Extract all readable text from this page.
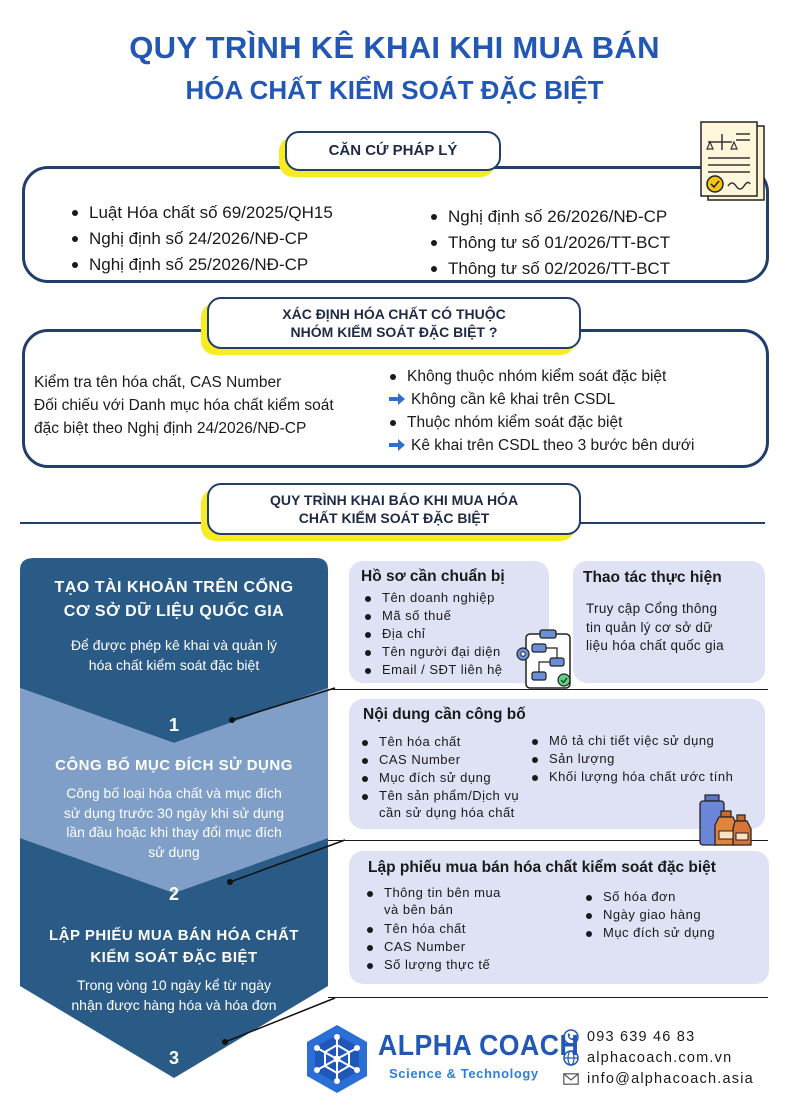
QUY TRÌNH KÊ KHAI KHI MUA BÁN
HÓA CHẤT KIỂM SOÁT ĐẶC BIỆT
CĂN CỨ PHÁP LÝ
Luật Hóa chất số 69/2025/QH15
Nghị định số 24/2026/NĐ-CP
Nghị định số 25/2026/NĐ-CP
Nghị định số 26/2026/NĐ-CP
Thông tư số 01/2026/TT-BCT
Thông tư số 02/2026/TT-BCT
XÁC ĐỊNH HÓA CHẤT CÓ THUỘC
NHÓM KIỂM SOÁT ĐẶC BIỆT ?
Kiểm tra tên hóa chất, CAS Number
Đối chiếu với Danh mục hóa chất kiểm soát
đặc biệt theo Nghị định 24/2026/NĐ-CP
Không thuộc nhóm kiểm soát đặc biệt
Không cần kê khai trên CSDL
Thuộc nhóm kiểm soát đặc biệt
Kê khai trên CSDL theo 3 bước bên dưới
QUY TRÌNH KHAI BÁO KHI MUA HÓA
CHẤT KIỂM SOÁT ĐẶC BIỆT
TẠO TÀI KHOẢN TRÊN CỔNG
CƠ SỞ DỮ LIỆU QUỐC GIA
Để được phép kê khai và quản lý
hóa chất kiểm soát đặc biệt
1
CÔNG BỐ MỤC ĐÍCH SỬ DỤNG
Công bố loại hóa chất và mục đích
sử dụng trước 30 ngày khi sử dụng
lần đầu hoặc khi thay đổi mục đích
sử dụng
2
LẬP PHIẾU MUA BÁN HÓA CHẤT
KIỂM SOÁT ĐẶC BIỆT
Trong vòng 10 ngày kể từ ngày
nhận được hàng hóa và hóa đơn
3
Hồ sơ cần chuẩn bị
Tên doanh nghiệp
Mã số thuế
Địa chỉ
Tên người đại diện
Email / SĐT liên hệ
Thao tác thực hiện
Truy cập Cổng thông
tin quản lý cơ sở dữ
liệu hóa chất quốc gia
Nội dung cần công bố
Tên hóa chất
CAS Number
Mục đích sử dụng
Tên sản phẩm/Dịch vụ
cần sử dụng hóa chất
Mô tả chi tiết việc sử dụng
Sản lượng
Khối lượng hóa chất ước tính
Lập phiếu mua bán hóa chất kiểm soát đặc biệt
Thông tin bên mua
và bên bán
Tên hóa chất
CAS Number
Số lượng thực tế
Số hóa đơn
Ngày giao hàng
Mục đích sử dụng
ALPHA COACH
Science & Technology
093 639 46 83
alphacoach.com.vn
info@alphacoach.asia
